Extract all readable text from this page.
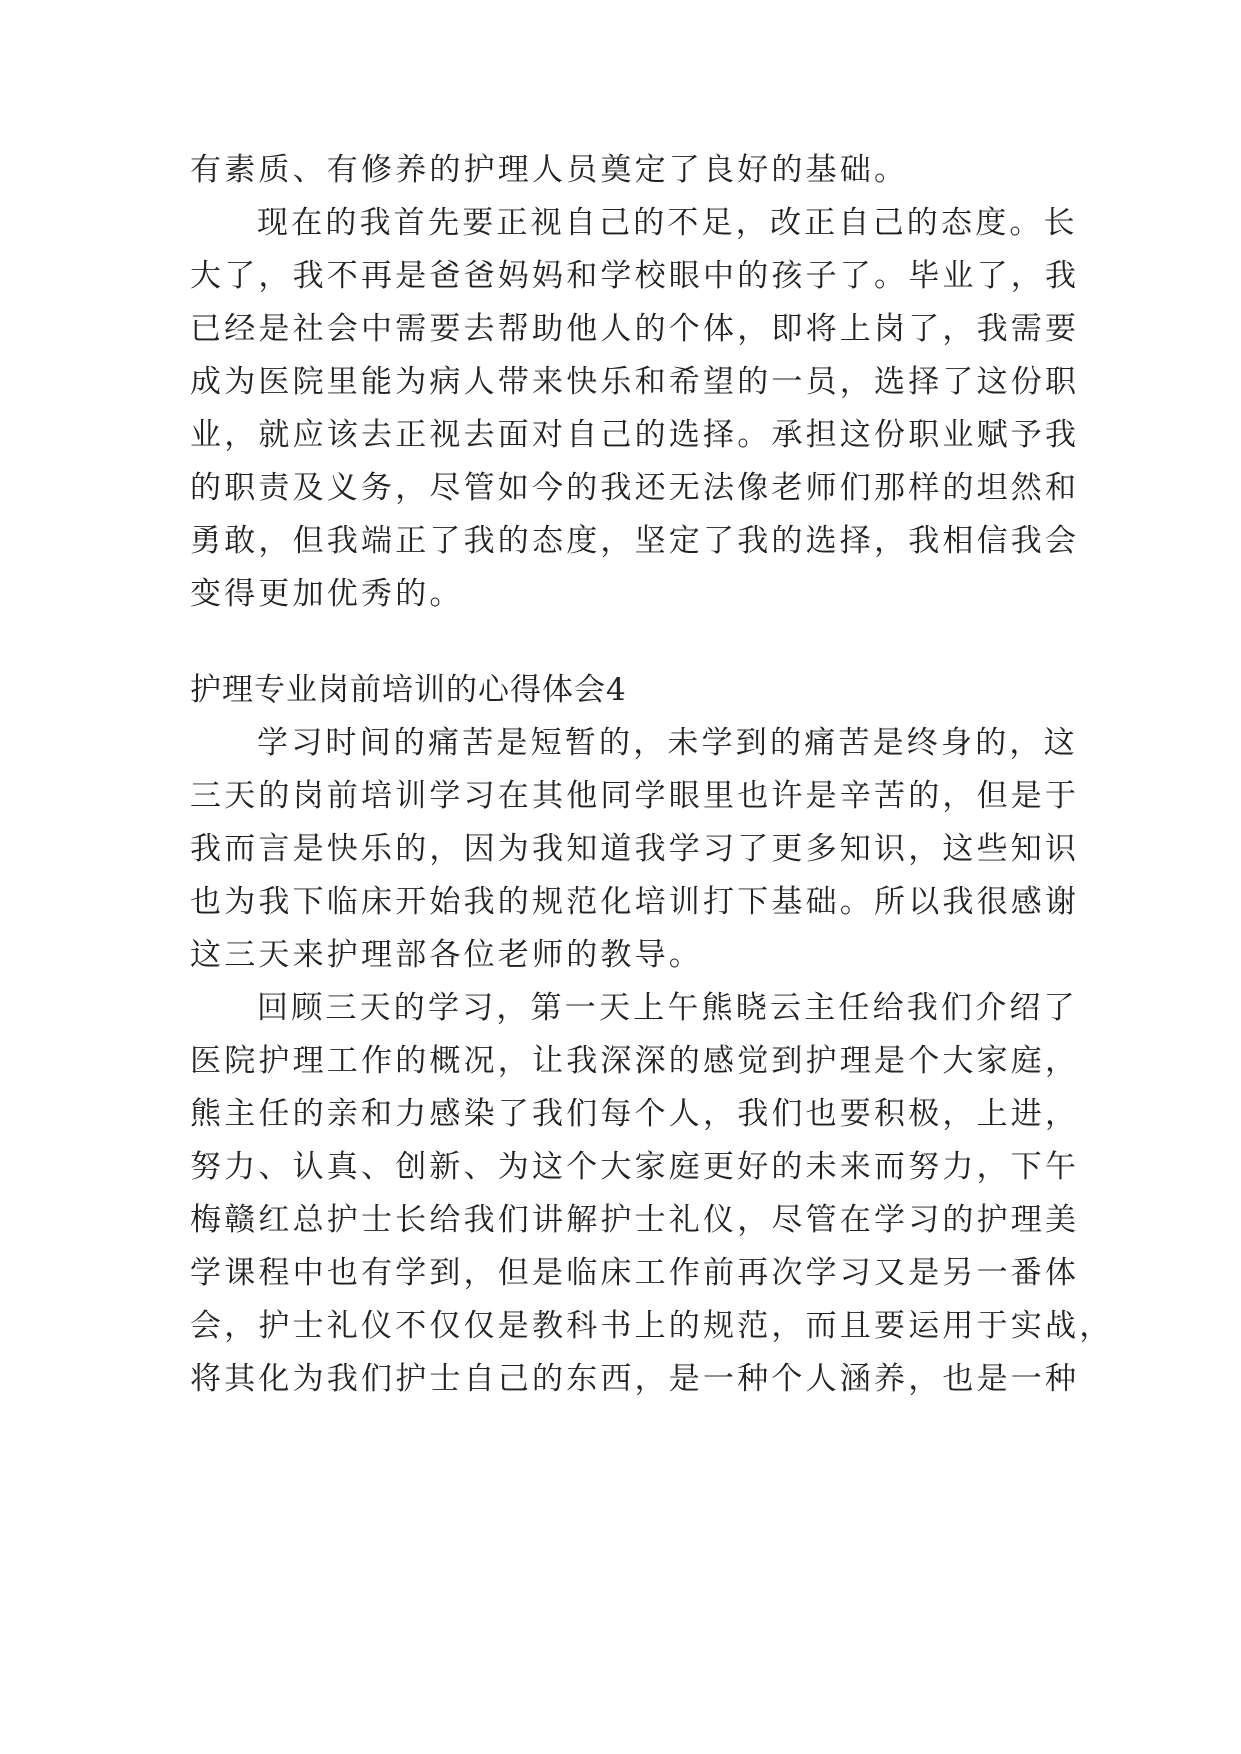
有素质、有修养的护理人员奠定了良好的基础。
现在的我首先要正视自己的不足，改正自己的态度。长
大了，我不再是爸爸妈妈和学校眼中的孩子了。毕业了，我
已经是社会中需要去帮助他人的个体，即将上岗了，我需要
成为医院里能为病人带来快乐和希望的一员，选择了这份职
业，就应该去正视去面对自己的选择。承担这份职业赋予我
的职责及义务，尽管如今的我还无法像老师们那样的坦然和
勇敢，但我端正了我的态度，坚定了我的选择，我相信我会
变得更加优秀的。
护理专业岗前培训的心得体会4
学习时间的痛苦是短暂的，未学到的痛苦是终身的，这
三天的岗前培训学习在其他同学眼里也许是辛苦的，但是于
我而言是快乐的，因为我知道我学习了更多知识，这些知识
也为我下临床开始我的规范化培训打下基础。所以我很感谢
这三天来护理部各位老师的教导。
回顾三天的学习，第一天上午熊晓云主任给我们介绍了
医院护理工作的概况，让我深深的感觉到护理是个大家庭，
熊主任的亲和力感染了我们每个人，我们也要积极，上进，
努力、认真、创新、为这个大家庭更好的未来而努力，下午
梅赣红总护士长给我们讲解护士礼仪，尽管在学习的护理美
学课程中也有学到，但是临床工作前再次学习又是另一番体
会，护士礼仪不仅仅是教科书上的规范，而且要运用于实战，
将其化为我们护士自己的东西，是一种个人涵养，也是一种
